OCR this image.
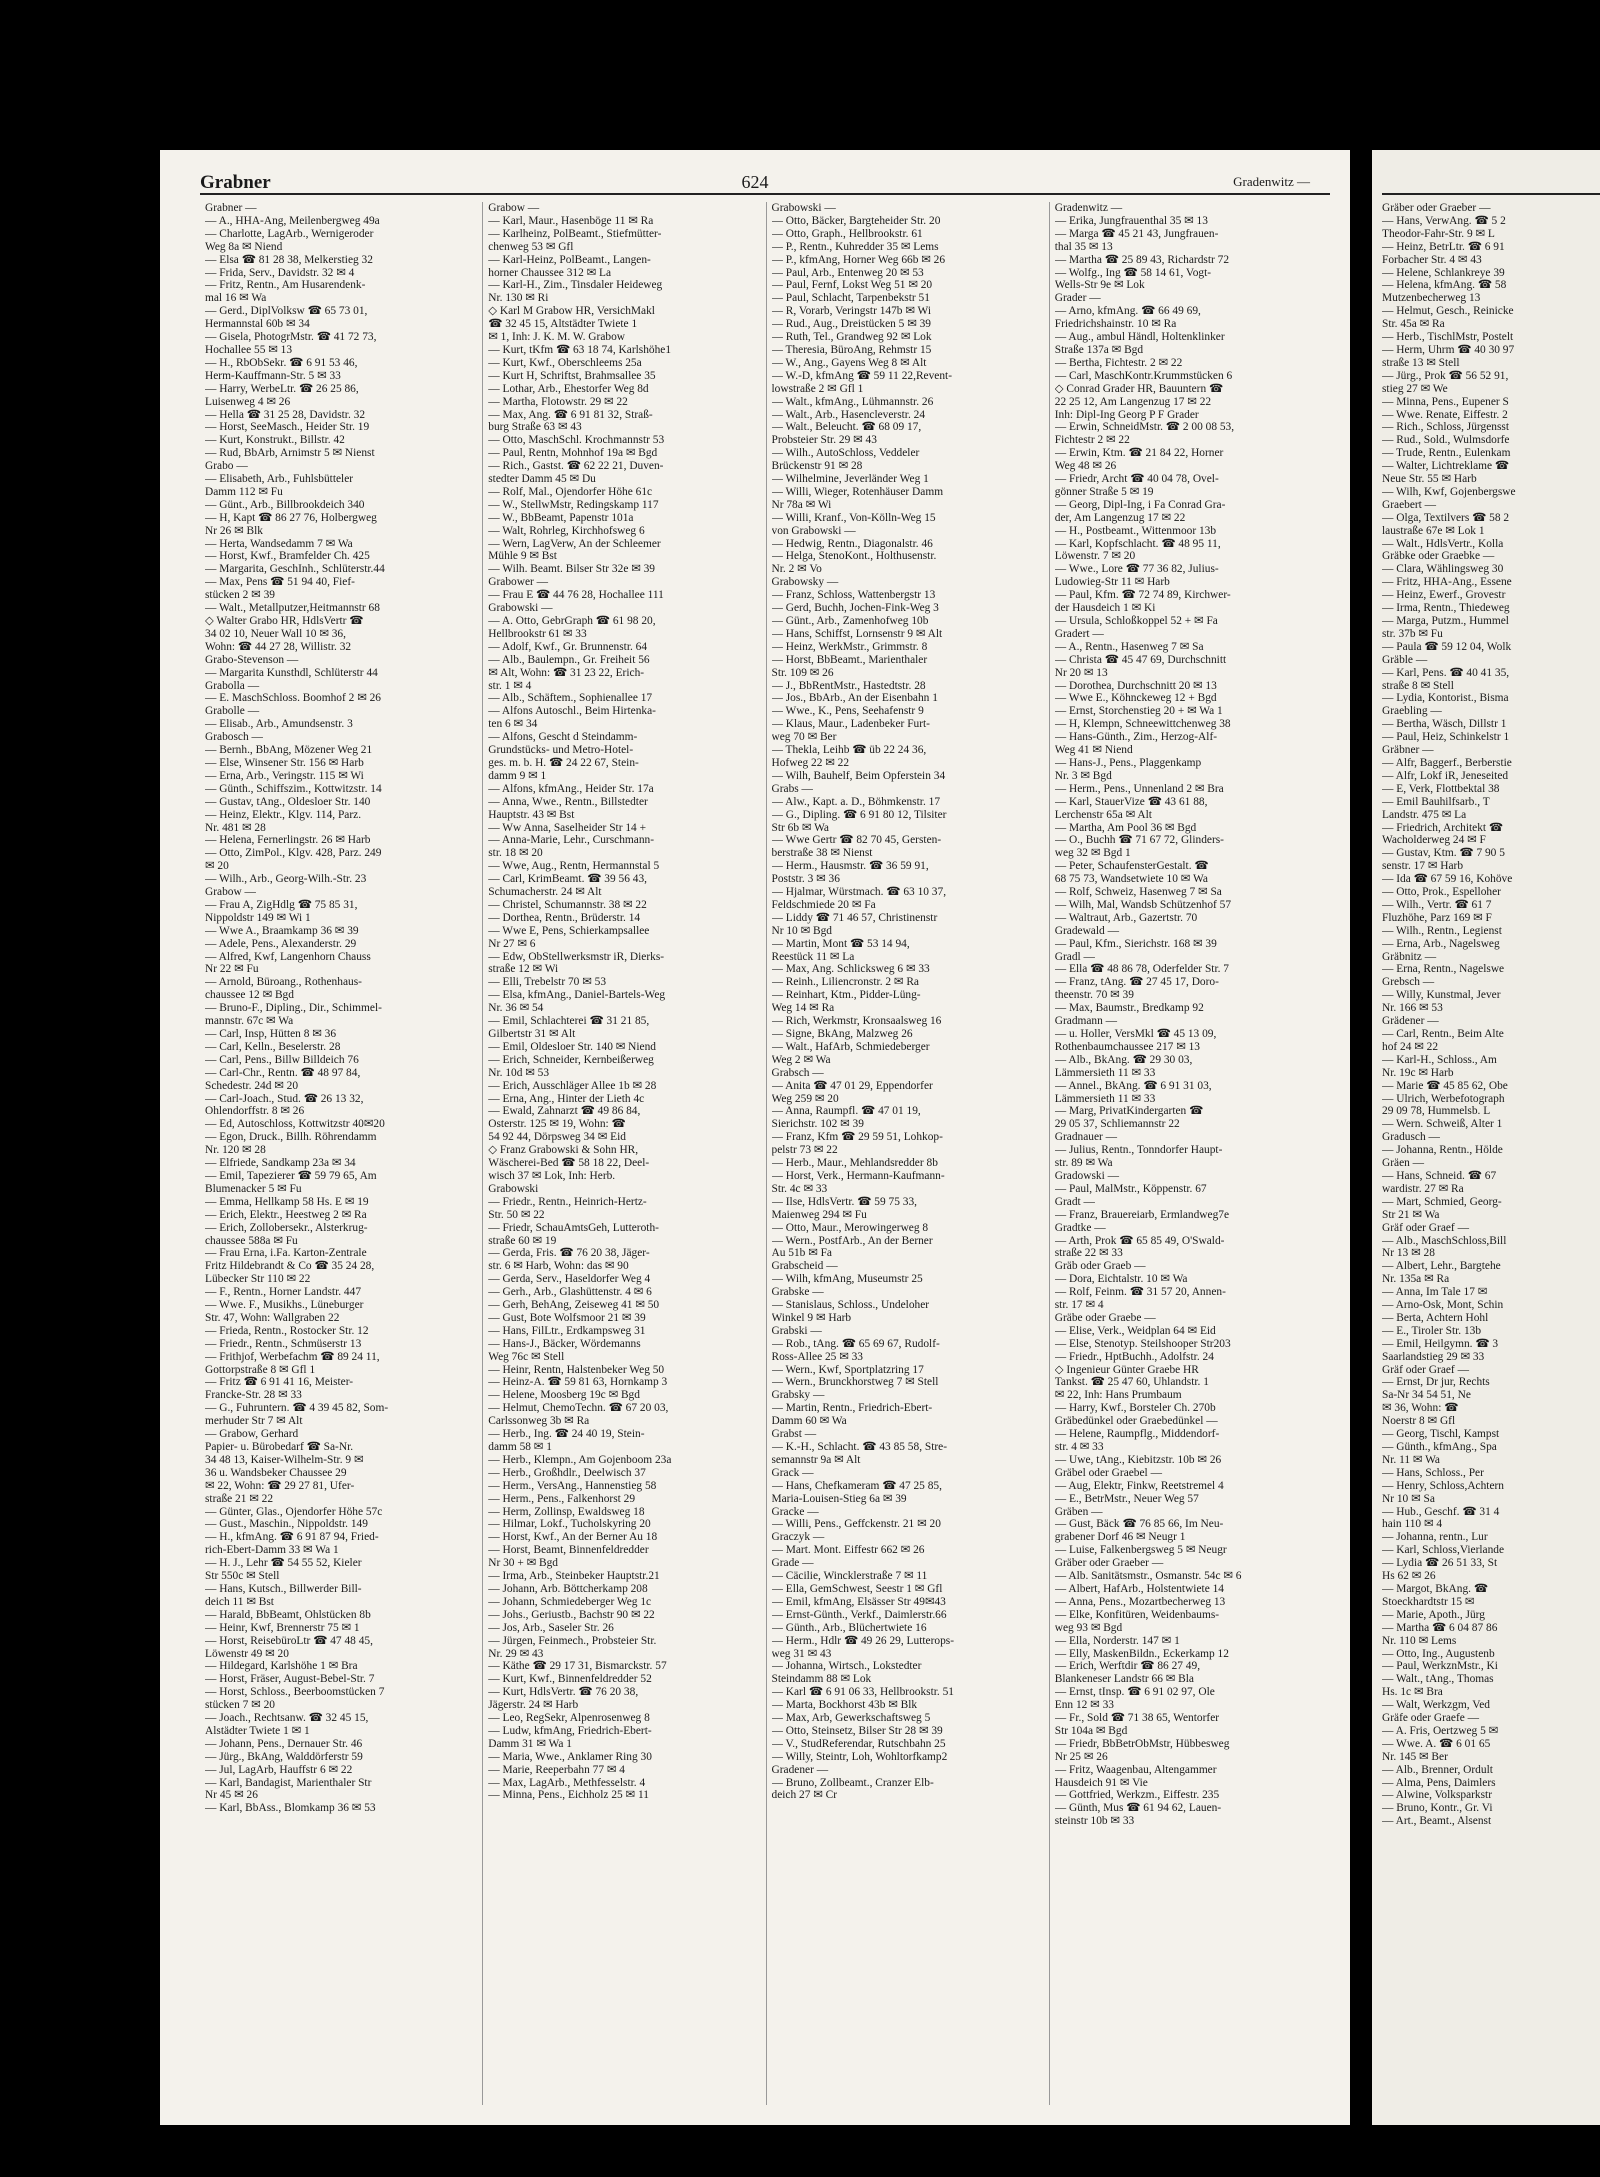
Grabner	624	Gradenwitz —
Grabner —
— A., HHA-Ang, Meilenbergweg 49a
— Charlotte, LagArb., Wernigeroder
Weg 8a ✉ Niend
— Elsa ☎ 81 28 38, Melkerstieg 32
— Frida, Serv., Davidstr. 32 ✉ 4
— Fritz, Rentn., Am Husarendenk-
mal 16 ✉ Wa
— Gerd., DiplVolksw ☎ 65 73 01,
Hermannstal 60b ✉ 34
— Gisela, PhotogrMstr. ☎ 41 72 73,
Hochallee 55 ✉ 13
— H., RbObSekr. ☎ 6 91 53 46,
Herm-Kauffmann-Str. 5 ✉ 33
— Harry, WerbeLtr. ☎ 26 25 86,
Luisenweg 4 ✉ 26
— Hella ☎ 31 25 28, Davidstr. 32
— Horst, SeeMasch., Heider Str. 19
— Kurt, Konstrukt., Billstr. 42
— Rud, BbArb, Arnimstr 5 ✉ Nienst
Grabo —
— Elisabeth, Arb., Fuhlsbütteler
Damm 112 ✉ Fu
— Günt., Arb., Billbrookdeich 340
— H, Kapt ☎ 86 27 76, Holbergweg
Nr 26 ✉ Blk
— Herta, Wandsedamm 7 ✉ Wa
— Horst, Kwf., Bramfelder Ch. 425
— Margarita, GeschInh., Schlüterstr.44
— Max, Pens ☎ 51 94 40, Fief-
stücken 2 ✉ 39
— Walt., Metallputzer,Heitmannstr 68
◇ Walter Grabo HR, HdlsVertr ☎
34 02 10, Neuer Wall 10 ✉ 36,
Wohn: ☎ 44 27 28, Willistr. 32
Grabo-Stevenson —
— Margarita Kunsthdl, Schlüterstr 44
Grabolla —
— E. MaschSchloss. Boomhof 2 ✉ 26
Grabolle —
— Elisab., Arb., Amundsenstr. 3
Grabosch —
— Bernh., BbAng, Mözener Weg 21
— Else, Winsener Str. 156 ✉ Harb
— Erna, Arb., Veringstr. 115 ✉ Wi
— Günth., Schiffszim., Kottwitzstr. 14
— Gustav, tAng., Oldesloer Str. 140
— Heinz, Elektr., Klgv. 114, Parz.
Nr. 481 ✉ 28
— Helena, Fernerlingstr. 26 ✉ Harb
— Otto, ZimPol., Klgv. 428, Parz. 249
✉ 20
— Wilh., Arb., Georg-Wilh.-Str. 23
Grabow —
— Frau A, ZigHdlg ☎ 75 85 31,
Nippoldstr 149 ✉ Wi 1
— Wwe A., Braamkamp 36 ✉ 39
— Adele, Pens., Alexanderstr. 29
— Alfred, Kwf, Langenhorn Chauss
Nr 22 ✉ Fu
— Arnold, Büroang., Rothenhaus-
chaussee 12 ✉ Bgd
— Bruno-F., Dipling., Dir., Schimmel-
mannstr. 67c ✉ Wa
— Carl, Insp, Hütten 8 ✉ 36
— Carl, Kelln., Beselerstr. 28
— Carl, Pens., Billw Billdeich 76
— Carl-Chr., Rentn. ☎ 48 97 84,
Schedestr. 24d ✉ 20
— Carl-Joach., Stud. ☎ 26 13 32,
Ohlendorffstr. 8 ✉ 26
— Ed, Autoschloss, Kottwitzstr 40✉20
— Egon, Druck., Billh. Röhrendamm
Nr. 120 ✉ 28
— Elfriede, Sandkamp 23a ✉ 34
— Emil, Tapezierer ☎ 59 79 65, Am
Blumenacker 5 ✉ Fu
— Emma, Hellkamp 58 Hs. E ✉ 19
— Erich, Elektr., Heestweg 2 ✉ Ra
— Erich, Zollobersekr., Alsterkrug-
chaussee 588a ✉ Fu
— Frau Erna, i.Fa. Karton-Zentrale
Fritz Hildebrandt & Co ☎ 35 24 28,
Lübecker Str 110 ✉ 22
— F., Rentn., Horner Landstr. 447
— Wwe. F., Musikhs., Lüneburger
Str. 47, Wohn: Wallgraben 22
— Frieda, Rentn., Rostocker Str. 12
— Friedr., Rentn., Schmüserstr 13
— Frithjof, Werbefachm ☎ 89 24 11,
Gottorpstraße 8 ✉ Gfl 1
— Fritz ☎ 6 91 41 16, Meister-
Francke-Str. 28 ✉ 33
— G., Fuhruntern. ☎ 4 39 45 82, Som-
merhuder Str 7 ✉ Alt
— Grabow, Gerhard
Papier- u. Bürobedarf ☎ Sa-Nr.
34 48 13, Kaiser-Wilhelm-Str. 9 ✉
36 u. Wandsbeker Chaussee 29
✉ 22, Wohn: ☎ 29 27 81, Ufer-
straße 21 ✉ 22
— Günter, Glas., Ojendorfer Höhe 57c
— Gust., Maschin., Nippoldstr. 149
— H., kfmAng. ☎ 6 91 87 94, Fried-
rich-Ebert-Damm 33 ✉ Wa 1
— H. J., Lehr ☎ 54 55 52, Kieler
Str 550c ✉ Stell
— Hans, Kutsch., Billwerder Bill-
deich 11 ✉ Bst
— Harald, BbBeamt, Ohlstücken 8b
— Heinr, Kwf, Brennerstr 75 ✉ 1
— Horst, ReisebüroLtr ☎ 47 48 45,
Löwenstr 49 ✉ 20
— Hildegard, Karlshöhe 1 ✉ Bra
— Horst, Fräser, August-Bebel-Str. 7
— Horst, Schloss., Beerboomstücken 7
stücken 7 ✉ 20
— Joach., Rechtsanw. ☎ 32 45 15,
Alstädter Twiete 1 ✉ 1
— Johann, Pens., Dernauer Str. 46
— Jürg., BkAng, Walddörferstr 59
— Jul, LagArb, Hauffstr 6 ✉ 22
— Karl, Bandagist, Marienthaler Str
Nr 45 ✉ 26
— Karl, BbAss., Blomkamp 36 ✉ 53
Grabow —
— Karl, Maur., Hasenböge 11 ✉ Ra
— Karlheinz, PolBeamt., Stiefmütter-
chenweg 53 ✉ Gfl
— Karl-Heinz, PolBeamt., Langen-
horner Chaussee 312 ✉ La
— Karl-H., Zim., Tinsdaler Heideweg
Nr. 130 ✉ Ri
◇ Karl M Grabow HR, VersichMakl
☎ 32 45 15, Altstädter Twiete 1
✉ 1, Inh: J. K. M. W. Grabow
— Kurt, tKfm ☎ 63 18 74, Karlshöhe1
— Kurt, Kwf., Oberschleems 25a
— Kurt H, Schriftst, Brahmsallee 35
— Lothar, Arb., Ehestorfer Weg 8d
— Martha, Flotowstr. 29 ✉ 22
— Max, Ang. ☎ 6 91 81 32, Straß-
burg Straße 63 ✉ 43
— Otto, MaschSchl. Krochmannstr 53
— Paul, Rentn, Mohnhof 19a ✉ Bgd
— Rich., Gastst. ☎ 62 22 21, Duven-
stedter Damm 45 ✉ Du
— Rolf, Mal., Ojendorfer Höhe 61c
— W., StellwMstr, Redingskamp 117
— W., BbBeamt, Papenstr 101a
— Walt, Rohrleg, Kirchhofsweg 6
— Wern, LagVerw, An der Schleemer
Mühle 9 ✉ Bst
— Wilh. Beamt. Bilser Str 32e ✉ 39
Grabower —
— Frau E ☎ 44 76 28, Hochallee 111
Grabowski —
— A. Otto, GebrGraph ☎ 61 98 20,
Hellbrookstr 61 ✉ 33
— Adolf, Kwf., Gr. Brunnenstr. 64
— Alb., Baulempn., Gr. Freiheit 56
✉ Alt, Wohn: ☎ 31 23 22, Erich-
str. 1 ✉ 4
— Alb., Schäftem., Sophienallee 17
— Alfons Autoschl., Beim Hirtenka-
ten 6 ✉ 34
— Alfons, Gescht d Steindamm-
Grundstücks- und Metro-Hotel-
ges. m. b. H. ☎ 24 22 67, Stein-
damm 9 ✉ 1
— Alfons, kfmAng., Heider Str. 17a
— Anna, Wwe., Rentn., Billstedter
Hauptstr. 43 ✉ Bst
— Ww Anna, Saselheider Str 14 +
— Anna-Marie, Lehr., Curschmann-
str. 18 ✉ 20
— Wwe, Aug., Rentn, Hermannstal 5
— Carl, KrimBeamt. ☎ 39 56 43,
Schumacherstr. 24 ✉ Alt
— Christel, Schumannstr. 38 ✉ 22
— Dorthea, Rentn., Brüderstr. 14
— Wwe E, Pens, Schierkampsallee
Nr 27 ✉ 6
— Edw, ObStellwerksmstr iR, Dierks-
straße 12 ✉ Wi
— Elli, Trebelstr 70 ✉ 53
— Elsa, kfmAng., Daniel-Bartels-Weg
Nr. 36 ✉ 54
— Emil, Schlachterei ☎ 31 21 85,
Gilbertstr 31 ✉ Alt
— Emil, Oldesloer Str. 140 ✉ Niend
— Erich, Schneider, Kernbeißerweg
Nr. 10d ✉ 53
— Erich, Ausschläger Allee 1b ✉ 28
— Erna, Ang., Hinter der Lieth 4c
— Ewald, Zahnarzt ☎ 49 86 84,
Osterstr. 125 ✉ 19, Wohn: ☎
54 92 44, Dörpsweg 34 ✉ Eid
◇ Franz Grabowski & Sohn HR,
Wäscherei-Bed ☎ 58 18 22, Deel-
wisch 37 ✉ Lok, Inh: Herb.
Grabowski
— Friedr., Rentn., Heinrich-Hertz-
Str. 50 ✉ 22
— Friedr, SchauAmtsGeh, Lutteroth-
straße 60 ✉ 19
— Gerda, Fris. ☎ 76 20 38, Jäger-
str. 6 ✉ Harb, Wohn: das ✉ 90
— Gerda, Serv., Haseldorfer Weg 4
— Gerh., Arb., Glashüttenstr. 4 ✉ 6
— Gerh, BehAng, Zeiseweg 41 ✉ 50
— Gust, Bote Wolfsmoor 21 ✉ 39
— Hans, FilLtr., Erdkampsweg 31
— Hans-J., Bäcker, Wördemanns
Weg 76c ✉ Stell
— Heinr, Rentn, Halstenbeker Weg 50
— Heinz-A. ☎ 59 81 63, Hornkamp 3
— Helene, Moosberg 19c ✉ Bgd
— Helmut, ChemoTechn. ☎ 67 20 03,
Carlssonweg 3b ✉ Ra
— Herb., Ing. ☎ 24 40 19, Stein-
damm 58 ✉ 1
— Herb., Klempn., Am Gojenboom 23a
— Herb., Großhdlr., Deelwisch 37
— Herm., VersAng., Hannenstieg 58
— Herm., Pens., Falkenhorst 29
— Herm, Zollinsp, Ewaldsweg 18
— Hilmar, Lokf., Tucholskyring 20
— Horst, Kwf., An der Berner Au 18
— Horst, Beamt, Binnenfeldredder
Nr 30 + ✉ Bgd
— Irma, Arb., Steinbeker Hauptstr.21
— Johann, Arb. Böttcherkamp 208
— Johann, Schmiedeberger Weg 1c
— Johs., Geriustb., Bachstr 90 ✉ 22
— Jos, Arb., Saseler Str. 26
— Jürgen, Feinmech., Probsteier Str.
Nr. 29 ✉ 43
— Käthe ☎ 29 17 31, Bismarckstr. 57
— Kurt, Kwf., Binnenfeldredder 52
— Kurt, HdlsVertr. ☎ 76 20 38,
Jägerstr. 24 ✉ Harb
— Leo, RegSekr, Alpenrosenweg 8
— Ludw, kfmAng, Friedrich-Ebert-
Damm 31 ✉ Wa 1
— Maria, Wwe., Anklamer Ring 30
— Marie, Reeperbahn 77 ✉ 4
— Max, LagArb., Methfesselstr. 4
— Minna, Pens., Eichholz 25 ✉ 11
Grabowski —
— Otto, Bäcker, Bargteheider Str. 20
— Otto, Graph., Hellbrookstr. 61
— P., Rentn., Kuhredder 35 ✉ Lems
— P., kfmAng, Horner Weg 66b ✉ 26
— Paul, Arb., Entenweg 20 ✉ 53
— Paul, Fernf, Lokst Weg 51 ✉ 20
— Paul, Schlacht, Tarpenbekstr 51
— R, Vorarb, Veringstr 147b ✉ Wi
— Rud., Aug., Dreistücken 5 ✉ 39
— Ruth, Tel., Grandweg 92 ✉ Lok
— Theresia, BüroAng, Rehmstr 15
— W., Ang., Gayens Weg 8 ✉ Alt
— W.-D, kfmAng ☎ 59 11 22,Revent-
lowstraße 2 ✉ Gfl 1
— Walt., kfmAng., Lühmannstr. 26
— Walt., Arb., Hasencleverstr. 24
— Walt., Beleucht. ☎ 68 09 17,
Probsteier Str. 29 ✉ 43
— Wilh., AutoSchloss, Veddeler
Brückenstr 91 ✉ 28
— Wilhelmine, Jeverländer Weg 1
— Willi, Wieger, Rotenhäuser Damm
Nr 78a ✉ Wi
— Willi, Kranf., Von-Kölln-Weg 15
von Grabowski —
— Hedwig, Rentn., Diagonalstr. 46
— Helga, StenoKont., Holthusenstr.
Nr. 2 ✉ Vo
Grabowsky —
— Franz, Schloss, Wattenbergstr 13
— Gerd, Buchh, Jochen-Fink-Weg 3
— Günt., Arb., Zamenhofweg 10b
— Hans, Schiffst, Lornsenstr 9 ✉ Alt
— Heinz, WerkMstr., Grimmstr. 8
— Horst, BbBeamt., Marienthaler
Str. 109 ✉ 26
— J., BbRentMstr., Hastedtstr. 28
— Jos., BbArb., An der Eisenbahn 1
— Wwe., K., Pens, Seehafenstr 9
— Klaus, Maur., Ladenbeker Furt-
weg 70 ✉ Ber
— Thekla, Leihb ☎ üb 22 24 36,
Hofweg 22 ✉ 22
— Wilh, Bauhelf, Beim Opferstein 34
Grabs —
— Alw., Kapt. a. D., Böhmkenstr. 17
— G., Dipling. ☎ 6 91 80 12, Tilsiter
Str 6b ✉ Wa
— Wwe Gertr ☎ 82 70 45, Gersten-
berstraße 38 ✉ Nienst
— Herm., Hausmstr. ☎ 36 59 91,
Poststr. 3 ✉ 36
— Hjalmar, Würstmach. ☎ 63 10 37,
Feldschmiede 20 ✉ Fa
— Liddy ☎ 71 46 57, Christinenstr
Nr 10 ✉ Bgd
— Martin, Mont ☎ 53 14 94,
Reestück 11 ✉ La
— Max, Ang. Schlicksweg 6 ✉ 33
— Reinh., Liliencronstr. 2 ✉ Ra
— Reinhart, Ktm., Pidder-Lüng-
Weg 14 ✉ Ra
— Rich, Werkmstr, Kronsaalsweg 16
— Signe, BkAng, Malzweg 26
— Walt., HafArb, Schmiedeberger
Weg 2 ✉ Wa
Grabsch —
— Anita ☎ 47 01 29, Eppendorfer
Weg 259 ✉ 20
— Anna, Raumpfl. ☎ 47 01 19,
Sierichstr. 102 ✉ 39
— Franz, Kfm ☎ 29 59 51, Lohkop-
pelstr 73 ✉ 22
— Herb., Maur., Mehlandsredder 8b
— Horst, Verk., Hermann-Kaufmann-
Str. 4c ✉ 33
— Ilse, HdlsVertr. ☎ 59 75 33,
Maienweg 294 ✉ Fu
— Otto, Maur., Merowingerweg 8
— Wern., PostfArb., An der Berner
Au 51b ✉ Fa
Grabscheid —
— Wilh, kfmAng, Museumstr 25
Grabske —
— Stanislaus, Schloss., Undeloher
Winkel 9 ✉ Harb
Grabski —
— Rob., tAng. ☎ 65 69 67, Rudolf-
Ross-Allee 25 ✉ 33
— Wern., Kwf, Sportplatzring 17
— Wern., Brunckhorstweg 7 ✉ Stell
Grabsky —
— Martin, Rentn., Friedrich-Ebert-
Damm 60 ✉ Wa
Grabst —
— K.-H., Schlacht. ☎ 43 85 58, Stre-
semannstr 9a ✉ Alt
Grack —
— Hans, Chefkameram ☎ 47 25 85,
Maria-Louisen-Stieg 6a ✉ 39
Gracke —
— Willi, Pens., Geffckenstr. 21 ✉ 20
Graczyk —
— Mart. Mont. Eiffestr 662 ✉ 26
Grade —
— Cäcilie, Wincklerstraße 7 ✉ 11
— Ella, GemSchwest, Seestr 1 ✉ Gfl
— Emil, kfmAng, Elsässer Str 49✉43
— Ernst-Günth., Verkf., Daimlerstr.66
— Günth., Arb., Blüchertwiete 16
— Herm., Hdlr ☎ 49 26 29, Lutterops-
weg 31 ✉ 43
— Johanna, Wirtsch., Lokstedter
Steindamm 88 ✉ Lok
— Karl ☎ 6 91 06 33, Hellbrookstr. 51
— Marta, Bockhorst 43b ✉ Blk
— Max, Arb, Gewerkschaftsweg 5
— Otto, Steinsetz, Bilser Str 28 ✉ 39
— V., StudReferendar, Rutschbahn 25
— Willy, Steintr, Loh, Wohltorfkamp2
Gradener —
— Bruno, Zollbeamt., Cranzer Elb-
deich 27 ✉ Cr
Gradenwitz —
— Erika, Jungfrauenthal 35 ✉ 13
— Marga ☎ 45 21 43, Jungfrauen-
thal 35 ✉ 13
— Martha ☎ 25 89 43, Richardstr 72
— Wolfg., Ing ☎ 58 14 61, Vogt-
Wells-Str 9e ✉ Lok
Grader —
— Arno, kfmAng. ☎ 66 49 69,
Friedrichshainstr. 10 ✉ Ra
— Aug., ambul Händl, Holtenklinker
Straße 137a ✉ Bgd
— Bertha, Fichtestr. 2 ✉ 22
— Carl, MaschKontr.Krummstücken 6
◇ Conrad Grader HR, Bauuntern ☎
22 25 12, Am Langenzug 17 ✉ 22
Inh: Dipl-Ing Georg P F Grader
— Erwin, SchneidMstr. ☎ 2 00 08 53,
Fichtestr 2 ✉ 22
— Erwin, Ktm. ☎ 21 84 22, Horner
Weg 48 ✉ 26
— Friedr, Archt ☎ 40 04 78, Ovel-
gönner Straße 5 ✉ 19
— Georg, Dipl-Ing, i Fa Conrad Gra-
der, Am Langenzug 17 ✉ 22
— H., Postbeamt., Wittenmoor 13b
— Karl, Kopfschlacht. ☎ 48 95 11,
Löwenstr. 7 ✉ 20
— Wwe., Lore ☎ 77 36 82, Julius-
Ludowieg-Str 11 ✉ Harb
— Paul, Kfm. ☎ 72 74 89, Kirchwer-
der Hausdeich 1 ✉ Ki
— Ursula, Schloßkoppel 52 + ✉ Fa
Gradert —
— A., Rentn., Hasenweg 7 ✉ Sa
— Christa ☎ 45 47 69, Durchschnitt
Nr 20 ✉ 13
— Dorothea, Durchschnitt 20 ✉ 13
— Wwe E., Köhnckeweg 12 + Bgd
— Ernst, Storchenstieg 20 + ✉ Wa 1
— H, Klempn, Schneewittchenweg 38
— Hans-Günth., Zim., Herzog-Alf-
Weg 41 ✉ Niend
— Hans-J., Pens., Plaggenkamp
Nr. 3 ✉ Bgd
— Herm., Pens., Unnenland 2 ✉ Bra
— Karl, StauerVize ☎ 43 61 88,
Lerchenstr 65a ✉ Alt
— Martha, Am Pool 36 ✉ Bgd
— O., Buchh ☎ 71 67 72, Glinders-
weg 32 ✉ Bgd 1
— Peter, SchaufensterGestalt. ☎
68 75 73, Wandsetwiete 10 ✉ Wa
— Rolf, Schweiz, Hasenweg 7 ✉ Sa
— Wilh, Mal, Wandsb Schützenhof 57
— Waltraut, Arb., Gazertstr. 70
Gradewald —
— Paul, Kfm., Sierichstr. 168 ✉ 39
Gradl —
— Ella ☎ 48 86 78, Oderfelder Str. 7
— Franz, tAng. ☎ 27 45 17, Doro-
theenstr. 70 ✉ 39
— Max, Baumstr., Bredkamp 92
Gradmann —
— u. Holler, VersMkl ☎ 45 13 09,
Rothenbaumchaussee 217 ✉ 13
— Alb., BkAng. ☎ 29 30 03,
Lämmersieth 11 ✉ 33
— Annel., BkAng. ☎ 6 91 31 03,
Lämmersieth 11 ✉ 33
— Marg, PrivatKindergarten ☎
29 05 37, Schliemannstr 22
Gradnauer —
— Julius, Rentn., Tonndorfer Haupt-
str. 89 ✉ Wa
Gradowski —
— Paul, MalMstr., Köppenstr. 67
Gradt —
— Franz, Brauereiarb, Ermlandweg7e
Gradtke —
— Arth, Prok ☎ 65 85 49, O'Swald-
straße 22 ✉ 33
Gräb oder Graeb —
— Dora, Eichtalstr. 10 ✉ Wa
— Rolf, Feinm. ☎ 31 57 20, Annen-
str. 17 ✉ 4
Gräbe oder Graebe —
— Elise, Verk., Weidplan 64 ✉ Eid
— Else, Stenotyp. Steilshooper Str203
— Friedr., HptBuchh., Adolfstr. 24
◇ Ingenieur Günter Graebe HR
Tankst. ☎ 25 47 60, Uhlandstr. 1
✉ 22, Inh: Hans Prumbaum
— Harry, Kwf., Borsteler Ch. 270b
Gräbedünkel oder Graebedünkel —
— Helene, Raumpflg., Middendorf-
str. 4 ✉ 33
— Uwe, tAng., Kiebitzstr. 10b ✉ 26
Gräbel oder Graebel —
— Aug, Elektr, Finkw, Reetstremel 4
— E., BetrMstr., Neuer Weg 57
Gräben —
— Gust, Bäck ☎ 76 85 66, Im Neu-
grabener Dorf 46 ✉ Neugr 1
— Luise, Falkenbergsweg 5 ✉ Neugr
Gräber oder Graeber —
— Alb. Sanitätsmstr., Osmanstr. 54c ✉ 6
— Albert, HafArb., Holstentwiete 14
— Anna, Pens., Mozartbecherweg 13
— Elke, Konfitüren, Weidenbaums-
weg 93 ✉ Bgd
— Ella, Norderstr. 147 ✉ 1
— Elly, MaskenBildn., Eckerkamp 12
— Erich, Werftdir ☎ 86 27 49,
Blankeneser Landstr 66 ✉ Bla
— Ernst, tInsp. ☎ 6 91 02 97, Ole
Enn 12 ✉ 33
— Fr., Sold ☎ 71 38 65, Wentorfer
Str 104a ✉ Bgd
— Friedr, BbBetrObMstr, Hübbesweg
Nr 25 ✉ 26
— Fritz, Waagenbau, Altengammer
Hausdeich 91 ✉ Vie
— Gottfried, Werkzm., Eiffestr. 235
— Günth, Mus ☎ 61 94 62, Lauen-
steinstr 10b ✉ 33
Gräber oder Graeber —
— Hans, VerwAng. ☎ 5 2
Theodor-Fahr-Str. 9 ✉ L
— Heinz, BetrLtr. ☎ 6 91
Forbacher Str. 4 ✉ 43
— Helene, Schlankreye 39
— Helena, kfmAng. ☎ 58
Mutzenbecherweg 13
— Helmut, Gesch., Reinicke
Str. 45a ✉ Ra
— Herb., TischlMstr, Postelt
— Herm, Uhrm ☎ 40 30 97
straße 13 ✉ Stell
— Jürg., Prok ☎ 56 52 91,
stieg 27 ✉ We
— Minna, Pens., Eupener S
— Wwe. Renate, Eiffestr. 2
— Rich., Schloss, Jürgensst
— Rud., Sold., Wulmsdorfe
— Trude, Rentn., Eulenkam
— Walter, Lichtreklame ☎
Neue Str. 55 ✉ Harb
— Wilh, Kwf, Gojenbergswe
Graebert —
— Olga, Textilvers ☎ 58 2
laustraße 67e ✉ Lok 1
— Walt., HdlsVertr., Kolla
Gräbke oder Graebke —
— Clara, Wählingsweg 30
— Fritz, HHA-Ang., Essene
— Heinz, Ewerf., Grovestr
— Irma, Rentn., Thiedeweg
— Marga, Putzm., Hummel
str. 37b ✉ Fu
— Paula ☎ 59 12 04, Wolk
Gräble —
— Karl, Pens. ☎ 40 41 35,
straße 8 ✉ Stell
— Lydia, Kontorist., Bisma
Graebling —
— Bertha, Wäsch, Dillstr 1
— Paul, Heiz, Schinkelstr 1
Gräbner —
— Alfr, Baggerf., Berberstie
— Alfr, Lokf iR, Jeneseited
— E, Verk, Flottbektal 38
— Emil Bauhilfsarb., T
Landstr. 475 ✉ La
— Friedrich, Architekt ☎
Wacholderweg 24 ✉ F
— Gustav, Ktm. ☎ 7 90 5
senstr. 17 ✉ Harb
— Ida ☎ 67 59 16, Kohöve
— Otto, Prok., Espelloher
— Wilh., Vertr. ☎ 61 7
Fluzhöhe, Parz 169 ✉ F
— Wilh., Rentn., Legienst
— Erna, Arb., Nagelsweg
Gräbnitz —
— Erna, Rentn., Nagelswe
Grebsch —
— Willy, Kunstmal, Jever
Nr. 166 ✉ 53
Grädener —
— Carl, Rentn., Beim Alte
hof 24 ✉ 22
— Karl-H., Schloss., Am
Nr. 19c ✉ Harb
— Marie ☎ 45 85 62, Obe
— Ulrich, Werbefotograph
29 09 78, Hummelsb. L
— Wern. Schweiß, Alter 1
Gradusch —
— Johanna, Rentn., Hölde
Gräen —
— Hans, Schneid. ☎ 67
wardistr. 27 ✉ Ra
— Mart, Schmied, Georg-
Str 21 ✉ Wa
Gräf oder Graef —
— Alb., MaschSchloss,Bill
Nr 13 ✉ 28
— Albert, Lehr., Bargtehe
Nr. 135a ✉ Ra
— Anna, Im Tale 17 ✉
— Arno-Osk, Mont, Schin
— Berta, Achtern Hohl
— E., Tiroler Str. 13b
— Emil, Heilgymn. ☎ 3
Saarlandstieg 29 ✉ 33
Gräf oder Graef —
— Ernst, Dr jur, Rechts
Sa-Nr 34 54 51, Ne
✉ 36, Wohn: ☎
Noerstr 8 ✉ Gfl
— Georg, Tischl, Kampst
— Günth., kfmAng., Spa
Nr. 11 ✉ Wa
— Hans, Schloss., Per
— Henry, Schloss,Achtern
Nr 10 ✉ Sa
— Hub., Geschf. ☎ 31 4
hain 110 ✉ 4
— Johanna, rentn., Lur
— Karl, Schloss,Vierlande
— Lydia ☎ 26 51 33, St
Hs 62 ✉ 26
— Margot, BkAng. ☎
Stoeckhardtstr 15 ✉
— Marie, Apoth., Jürg
— Martha ☎ 6 04 87 86
Nr. 110 ✉ Lems
— Otto, Ing., Augustenb
— Paul, WerkznMstr., Ki
— Walt., tAng., Thomas
Hs. 1c ✉ Bra
— Walt, Werkzgm, Ved
Gräfe oder Graefe —
— A. Fris, Oertzweg 5 ✉
— Wwe. A. ☎ 6 01 65
Nr. 145 ✉ Ber
— Alb., Brenner, Ordult
— Alma, Pens, Daimlers
— Alwine, Volksparkstr
— Bruno, Kontr., Gr. Vi
— Art., Beamt., Alsenst
